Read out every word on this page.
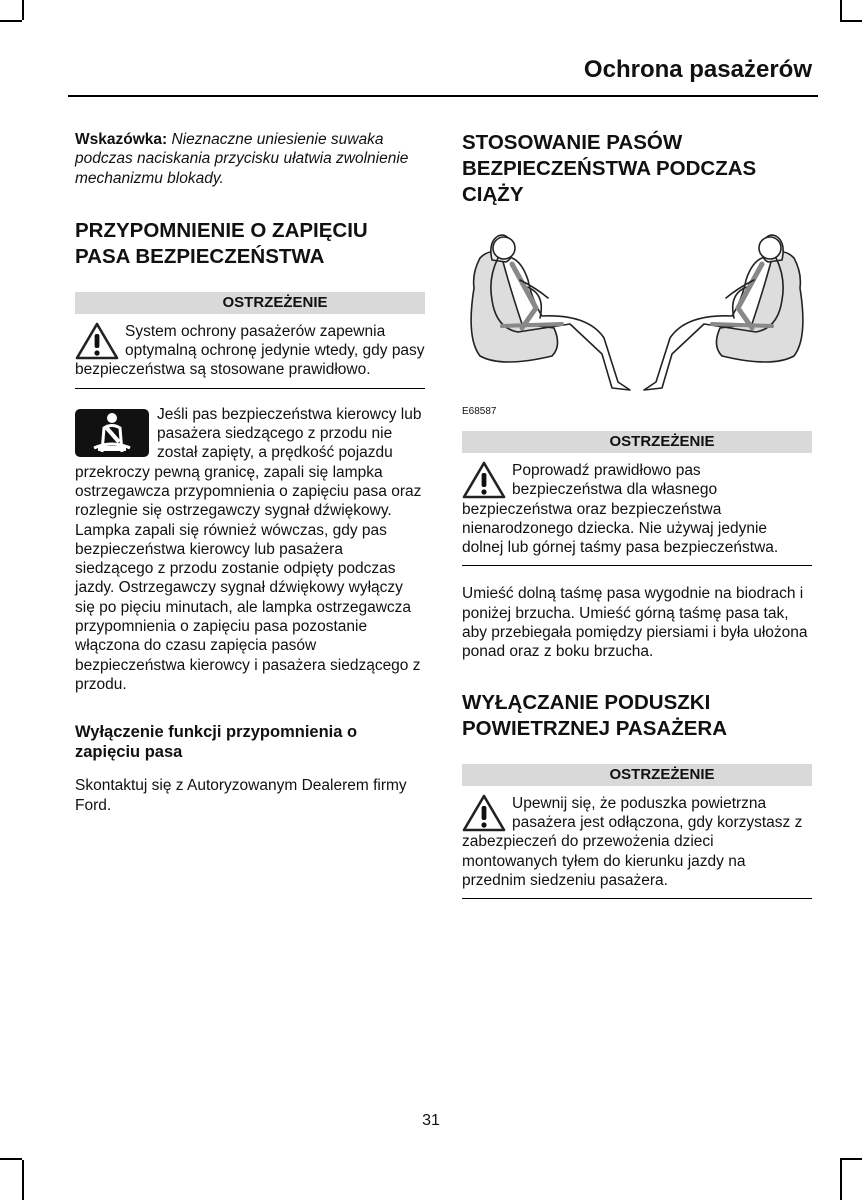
Ochrona pasażerów

Wskazówka: Nieznaczne uniesienie suwaka podczas naciskania przycisku ułatwia zwolnienie mechanizmu blokady.

PRZYPOMNIENIE O ZAPIĘCIU PASA BEZPIECZEŃSTWA
OSTRZEŻENIE

System ochrony pasażerów zapewnia optymalną ochronę jedynie wtedy, gdy pasy bezpieczeństwa są stosowane prawidłowo.

Jeśli pas bezpieczeństwa kierowcy lub pasażera siedzącego z przodu nie został zapięty, a prędkość pojazdu przekroczy pewną granicę, zapali się lampka ostrzegawcza przypomnienia o zapięciu pasa oraz rozlegnie się ostrzegawczy sygnał dźwiękowy. Lampka zapali się również wówczas, gdy pas bezpieczeństwa kierowcy lub pasażera siedzącego z przodu zostanie odpięty podczas jazdy. Ostrzegawczy sygnał dźwiękowy wyłączy się po pięciu minutach, ale lampka ostrzegawcza przypomnienia o zapięciu pasa pozostanie włączona do czasu zapięcia pasów bezpieczeństwa kierowcy i pasażera siedzącego z przodu.

Wyłączenie funkcji przypomnienia o zapięciu pasa

Skontaktuj się z Autoryzowanym Dealerem firmy Ford.

STOSOWANIE PASÓW BEZPIECZEŃSTWA PODCZAS CIĄŻY
E68587
OSTRZEŻENIE

Poprowadź prawidłowo pas bezpieczeństwa dla własnego bezpieczeństwa oraz bezpieczeństwa nienarodzonego dziecka. Nie używaj jedynie dolnej lub górnej taśmy pasa bezpieczeństwa.

Umieść dolną taśmę pasa wygodnie na biodrach i poniżej brzucha. Umieść górną taśmę pasa tak, aby przebiegała pomiędzy piersiami i była ułożona ponad oraz z boku brzucha.

WYŁĄCZANIE PODUSZKI POWIETRZNEJ PASAŻERA
OSTRZEŻENIE

Upewnij się, że poduszka powietrzna pasażera jest odłączona, gdy korzystasz z zabezpieczeń do przewożenia dzieci montowanych tyłem do kierunku jazdy na przednim siedzeniu pasażera.

31
